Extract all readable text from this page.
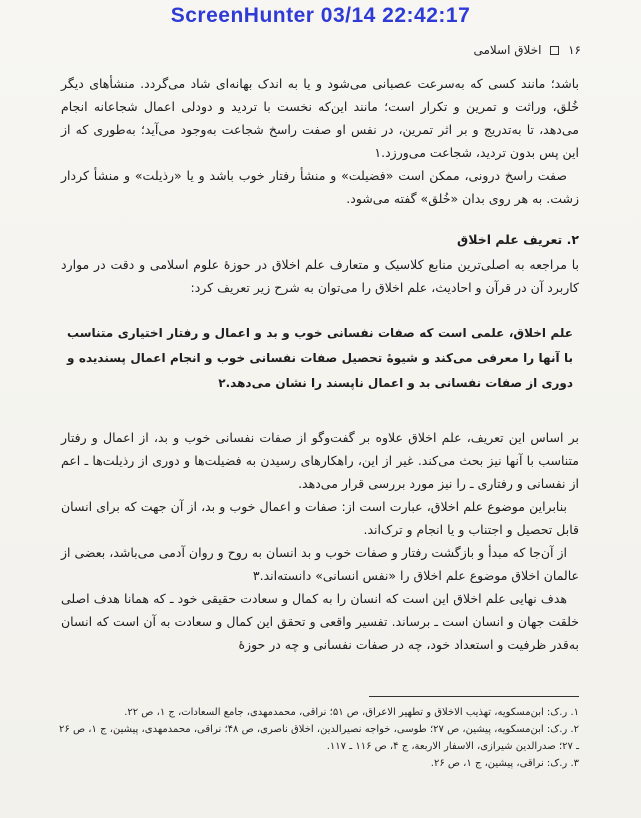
ScreenHunter 03/14 22:42:17
۱۶  اخلاق اسلامی

باشد؛ مانند کسی که به‌سرعت عصبانی می‌شود و یا به اندک بهانه‌ای شاد می‌گردد. منشأهای دیگر خُلق، وراثت و تمرین و تکرار است؛ مانند این‌که نخست با تردید و دودلی اعمال شجاعانه انجام می‌دهد، تا به‌تدریج و بر اثر تمرین، در نفس او صفت راسخ شجاعت به‌وجود می‌آید؛ به‌طوری که از این پس بدون تردید، شجاعت می‌ورزد.۱

صفت راسخ درونی، ممکن است «فضیلت» و منشأ رفتار خوب باشد و یا «رذیلت» و منشأ کردار زشت. به هر روی بدان «خُلق» گفته می‌شود.

۲. تعریف علم اخلاق

با مراجعه به اصلی‌ترین منابع کلاسیک و متعارف علم اخلاق در حوزهٔ علوم اسلامی و دقت در موارد کاربرد آن در قرآن و احادیث، علم اخلاق را می‌توان به شرح زیر تعریف کرد:

علم اخلاق، علمی است که صفات نفسانی خوب و بد و اعمال و رفتار اختیاری متناسب با آنها را معرفی می‌کند و شیوهٔ تحصیل صفات نفسانی خوب و انجام اعمال پسندیده و دوری از صفات نفسانی بد و اعمال ناپسند را نشان می‌دهد.۲

بر اساس این تعریف، علم اخلاق علاوه بر گفت‌وگو از صفات نفسانی خوب و بد، از اعمال و رفتار متناسب با آنها نیز بحث می‌کند. غیر از این، راهکارهای رسیدن به فضیلت‌ها و دوری از رذیلت‌ها ـ اعم از نفسانی و رفتاری ـ را نیز مورد بررسی قرار می‌دهد.

بنابراین موضوع علم اخلاق، عبارت است از: صفات و اعمال خوب و بد، از آن جهت که برای انسان قابل تحصیل و اجتناب و یا انجام و ترک‌اند.

از آن‌جا که مبدأ و بازگشت رفتار و صفات خوب و بد انسان به روح و روان آدمی می‌باشد، بعضی از عالمان اخلاق موضوع علم اخلاق را «نفس انسانی» دانسته‌اند.۳

هدف نهایی علم اخلاق این است که انسان را به کمال و سعادت حقیقی خود ـ که همانا هدف اصلی خلقت جهان و انسان است ـ برساند. تفسیر واقعی و تحقق این کمال و سعادت به آن است که انسان به‌قدر ظرفیت و استعداد خود، چه در صفات نفسانی و چه در حوزهٔ

۱. ر.ک: ابن‌مسکویه، تهذیب الاخلاق و تطهیر الاعراق، ص ۵۱؛ نراقی، محمدمهدی، جامع السعادات، ج ۱، ص ۲۲.
۲. ر.ک: ابن‌مسکویه، پیشین، ص ۲۷؛ طوسی، خواجه نصیرالدین، اخلاق ناصری، ص ۴۸؛ نراقی، محمدمهدی، پیشین، ج ۱، ص ۲۶ ـ ۲۷؛ صدرالدین شیرازی، الاسفار الاربعة، ج ۴، ص ۱۱۶ ـ ۱۱۷.
۳. ر.ک: نراقی، پیشین، ج ۱، ص ۲۶.
